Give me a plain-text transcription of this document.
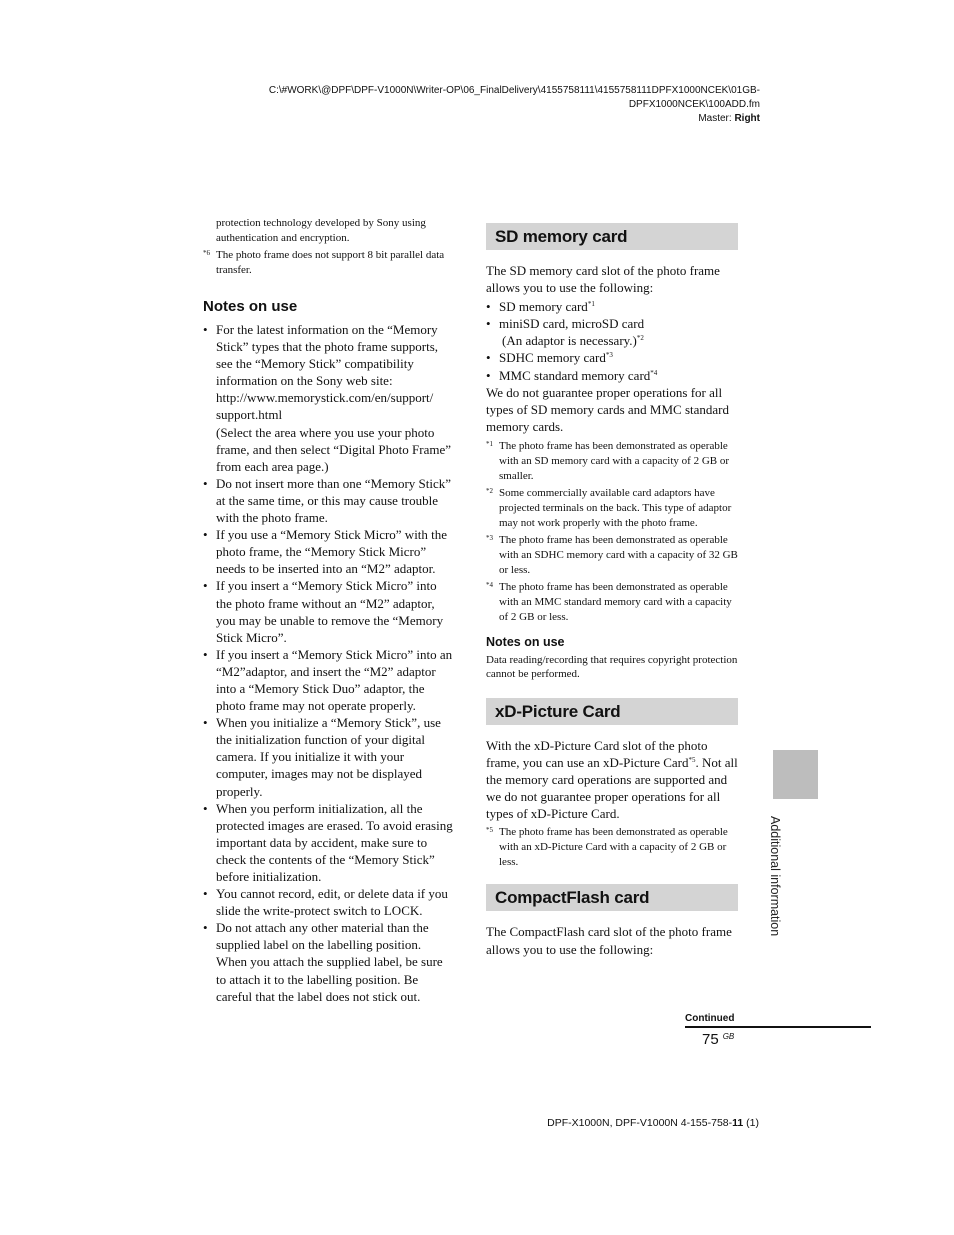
C:\#WORK\@DPF\DPF-V1000N\Writer-OP\06_FinalDelivery\4155758111\4155758111DPFX1000NCEK\01GB-
DPFX1000NCEK\100ADD.fm
Master: Right

protection technology developed by Sony using authentication and encryption.

*6 The photo frame does not support 8 bit parallel data transfer.

Notes on use
• For the latest information on the “Memory Stick” types that the photo frame supports, see the “Memory Stick” compatibility information on the Sony web site:
http://www.memorystick.com/en/support/ support.html
(Select the area where you use your photo frame, and then select “Digital Photo Frame” from each area page.)
• Do not insert more than one “Memory Stick” at the same time, or this may cause trouble with the photo frame.
• If you use a “Memory Stick Micro” with the photo frame, the “Memory Stick Micro” needs to be inserted into an “M2” adaptor.
• If you insert a “Memory Stick Micro” into the photo frame without an “M2” adaptor, you may be unable to remove the “Memory Stick Micro”.
• If you insert a “Memory Stick Micro” into an “M2”adaptor, and insert the “M2” adaptor into a “Memory Stick Duo” adaptor, the photo frame may not operate properly.
• When you initialize a “Memory Stick”, use the initialization function of your digital camera. If you initialize it with your computer, images may not be displayed properly.
• When you perform initialization, all the protected images are erased. To avoid erasing important data by accident, make sure to check the contents of the “Memory Stick” before initialization.
• You cannot record, edit, or delete data if you slide the write-protect switch to LOCK.
• Do not attach any other material than the supplied label on the labelling position. When you attach the supplied label, be sure to attach it to the labelling position. Be careful that the label does not stick out.
SD memory card

The SD memory card slot of the photo frame allows you to use the following:

• SD memory card$^{*1}$
• miniSD card, microSD card
(An adaptor is necessary.)$^{*2}$
• SDHC memory card$^{*3}$
• MMC standard memory card$^{*4}$

We do not guarantee proper operations for all types of SD memory cards and MMC standard memory cards.

*1 The photo frame has been demonstrated as operable with an SD memory card with a capacity of 2 GB or smaller.

*2 Some commercially available card adaptors have projected terminals on the back. This type of adaptor may not work properly with the photo frame.

*3 The photo frame has been demonstrated as operable with an SDHC memory card with a capacity of 32 GB or less.

*4 The photo frame has been demonstrated as operable with an MMC standard memory card with a capacity of 2 GB or less.

Notes on use

Data reading/recording that requires copyright protection cannot be performed.

xD-Picture Card

With the xD-Picture Card slot of the photo frame, you can use an xD-Picture Card$^{*5}$. Not all the memory card operations are supported and we do not guarantee proper operations for all types of xD-Picture Card.

*5 The photo frame has been demonstrated as operable with an xD-Picture Card with a capacity of 2 GB or less.

CompactFlash card

The CompactFlash card slot of the photo frame allows you to use the following:

Additional information
Continued
75 $^{GB}$
DPF-X1000N, DPF-V1000N 4-155-758-11 (1)
